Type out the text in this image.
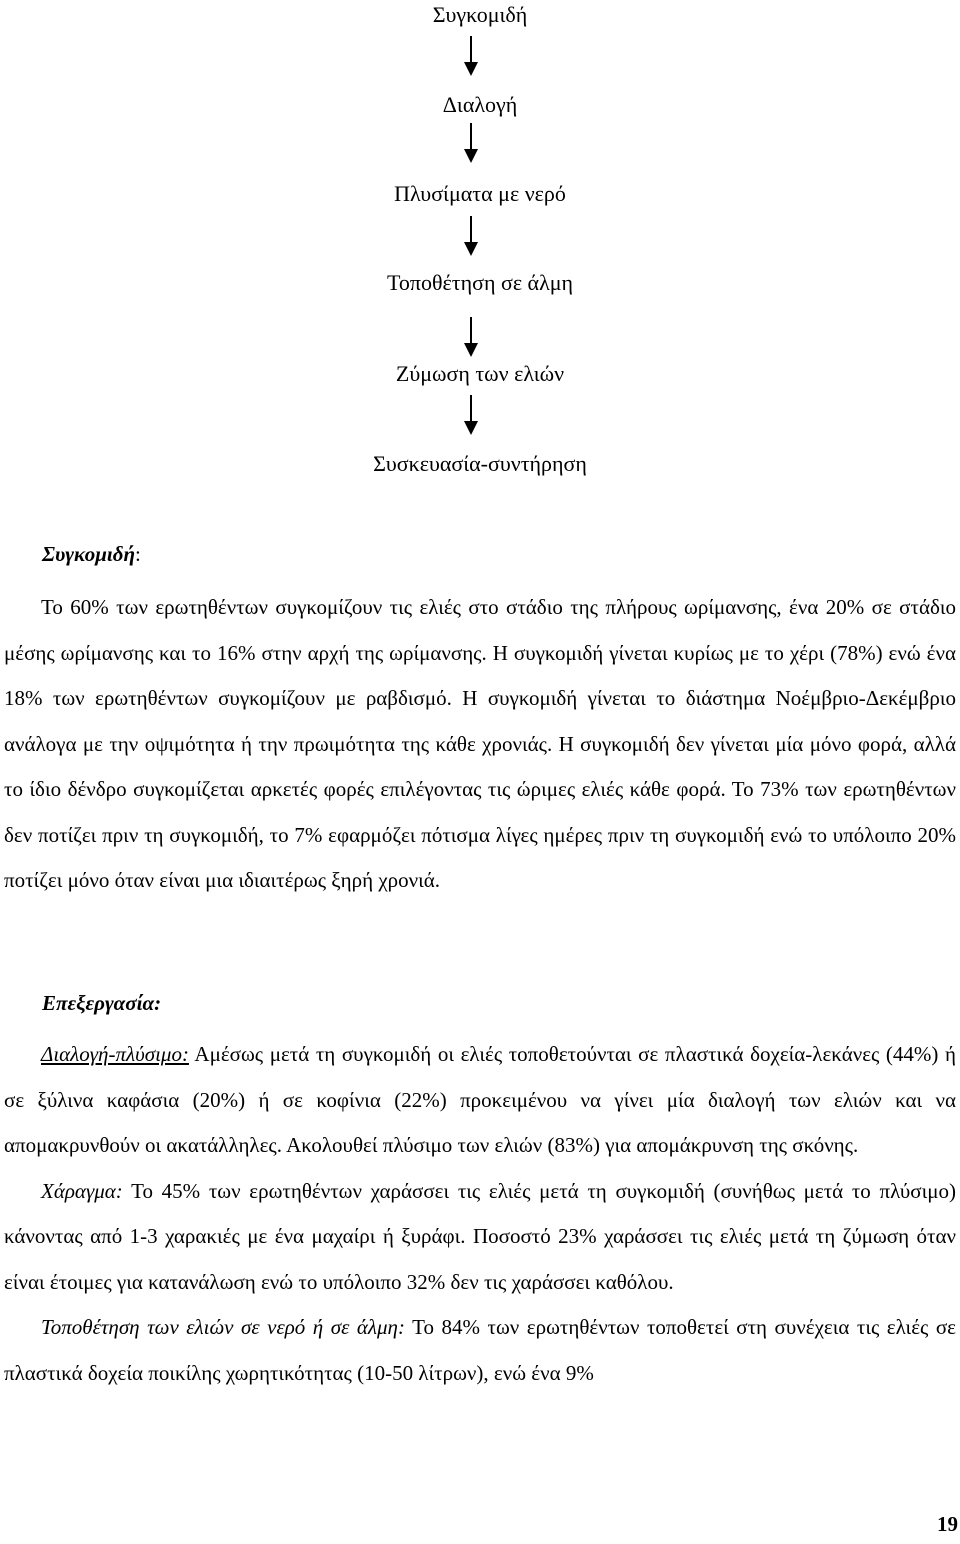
Συγκομιδή
Διαλογή
Πλυσίματα με νερό
Τοποθέτηση σε άλμη
Ζύμωση των ελιών
Συσκευασία-συντήρηση
Συγκομιδή:

Το 60% των ερωτηθέντων συγκομίζουν τις ελιές στο στάδιο της πλήρους ωρίμανσης, ένα 20% σε στάδιο μέσης ωρίμανσης και το 16% στην αρχή της ωρίμανσης. Η συγκομιδή γίνεται κυρίως με το χέρι (78%) ενώ ένα 18% των ερωτηθέντων συγκομίζουν με ραβδισμό. Η συγκομιδή γίνεται το διάστημα Νοέμβριο-Δεκέμβριο ανάλογα με την οψιμότητα ή την πρωιμότητα της κάθε χρονιάς. Η συγκομιδή δεν γίνεται μία μόνο φορά, αλλά το ίδιο δένδρο συγκομίζεται αρκετές φορές επιλέγοντας τις ώριμες ελιές κάθε φορά. Το 73% των ερωτηθέντων δεν ποτίζει πριν τη συγκομιδή, το 7% εφαρμόζει πότισμα λίγες ημέρες πριν τη συγκομιδή ενώ το υπόλοιπο 20% ποτίζει μόνο όταν είναι μια ιδιαιτέρως ξηρή χρονιά.

Επεξεργασία:

Διαλογή-πλύσιμο: Αμέσως μετά τη συγκομιδή οι ελιές τοποθετούνται σε πλαστικά δοχεία-λεκάνες (44%) ή σε ξύλινα καφάσια (20%) ή σε κοφίνια (22%) προκειμένου να γίνει μία διαλογή των ελιών και να απομακρυνθούν οι ακατάλληλες. Ακολουθεί πλύσιμο των ελιών (83%) για απομάκρυνση της σκόνης.

Χάραγμα: Το 45% των ερωτηθέντων χαράσσει τις ελιές μετά τη συγκομιδή (συνήθως μετά το πλύσιμο) κάνοντας από 1-3 χαρακιές με ένα μαχαίρι ή ξυράφι. Ποσοστό 23% χαράσσει τις ελιές μετά τη ζύμωση όταν είναι έτοιμες για κατανάλωση ενώ το υπόλοιπο 32% δεν τις χαράσσει καθόλου.

Τοποθέτηση των ελιών σε νερό ή σε άλμη: Το 84% των ερωτηθέντων τοποθετεί στη συνέχεια τις ελιές σε πλαστικά δοχεία ποικίλης χωρητικότητας (10-50 λίτρων), ενώ ένα 9%

19
